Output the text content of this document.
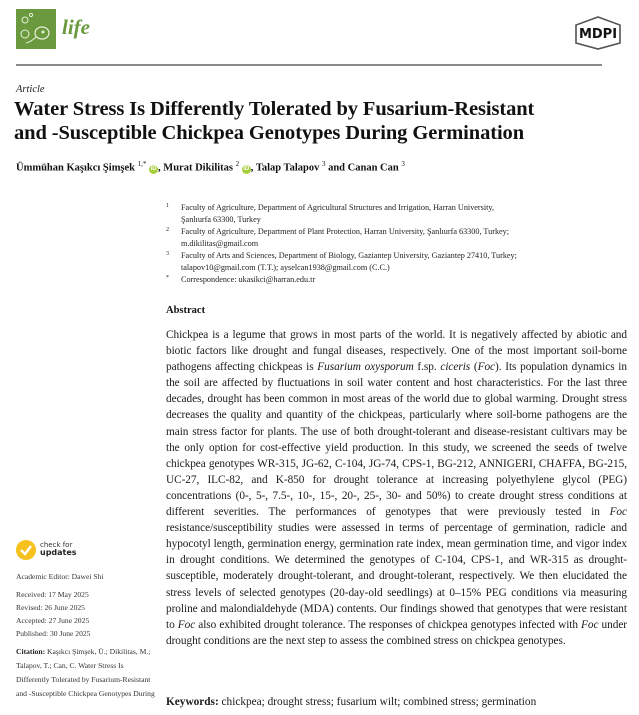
life	MDPI
Article
Water Stress Is Differently Tolerated by Fusarium-Resistant
and -Susceptible Chickpea Genotypes During Germination
Ümmühan Kaşıkcı Şimşek $^{1,*}$ iD , Murat Dikilitas $^2$ iD , Talap Talapov $^3$ and Canan Can $^3$
1 Faculty of Agriculture, Department of Agricultural Structures and Irrigation, Harran University,
Şanlıurfa 63300, Turkey
2 Faculty of Agriculture, Department of Plant Protection, Harran University, Şanlıurfa 63300, Turkey;
m.dikilitas@gmail.com
3 Faculty of Arts and Sciences, Department of Biology, Gaziantep University, Gaziantep 27410, Turkey;
talapov10@gmail.com (T.T.); ayselcan1938@gmail.com (C.C.)
* Correspondence: ukasikci@harran.edu.tr
Abstract
Chickpea is a legume that grows in most parts of the world. It is negatively affected by abiotic and biotic factors like drought and fungal diseases, respectively. One of the most important soil-borne pathogens affecting chickpeas is Fusarium oxysporum f.sp. ciceris (Foc). Its population dynamics in the soil are affected by fluctuations in soil water content and host characteristics. For the last three decades, drought has been common in most areas of the world due to global warming. Drought stress decreases the quality and quantity of the chickpeas, particularly where soil-borne pathogens are the main stress factor for plants. The use of both drought-tolerant and disease-resistant cultivars may be the only option for cost-effective yield production. In this study, we screened the seeds of twelve chickpea genotypes WR-315, JG-62, C-104, JG-74, CPS-1, BG-212, ANNIGERI, CHAFFA, BG-215, UC-27, ILC-82, and K-850 for drought tolerance at increasing polyethylene glycol (PEG) concentrations (0-, 5-, 7.5-, 10-, 15-, 20-, 25-, 30- and 50%) to create drought stress conditions at different severities. The performances of genotypes that were previously tested in Foc resistance/susceptibility studies were assessed in terms of percentage of germination, radicle and hypocotyl length, germination energy, germination rate index, mean germination time, and vigor index in drought conditions. We determined the genotypes of C-104, CPS-1, and WR-315 as drought-susceptible, moderately drought-tolerant, and drought-tolerant, respectively. We then elucidated the stress levels of selected genotypes (20-day-old seedlings) at 0–15% PEG conditions via measuring proline and malondialdehyde (MDA) contents. Our findings showed that genotypes that were resistant to Foc also exhibited drought tolerance. The responses of chickpea genotypes infected with Foc under drought conditions are the next step to assess the combined stress on chickpea genotypes.
Keywords: chickpea; drought stress; fusarium wilt; combined stress; germination
check for
updates
Academic Editor: Dawei Shi
Received: 17 May 2025
Revised: 26 June 2025
Accepted: 27 June 2025
Published: 30 June 2025
Citation: Kaşıkcı Şimşek, Ü.; Dikilitas, M.; Talapov, T.; Can, C. Water Stress Is Differently Tolerated by Fusarium-Resistant and -Susceptible Chickpea Genotypes During
